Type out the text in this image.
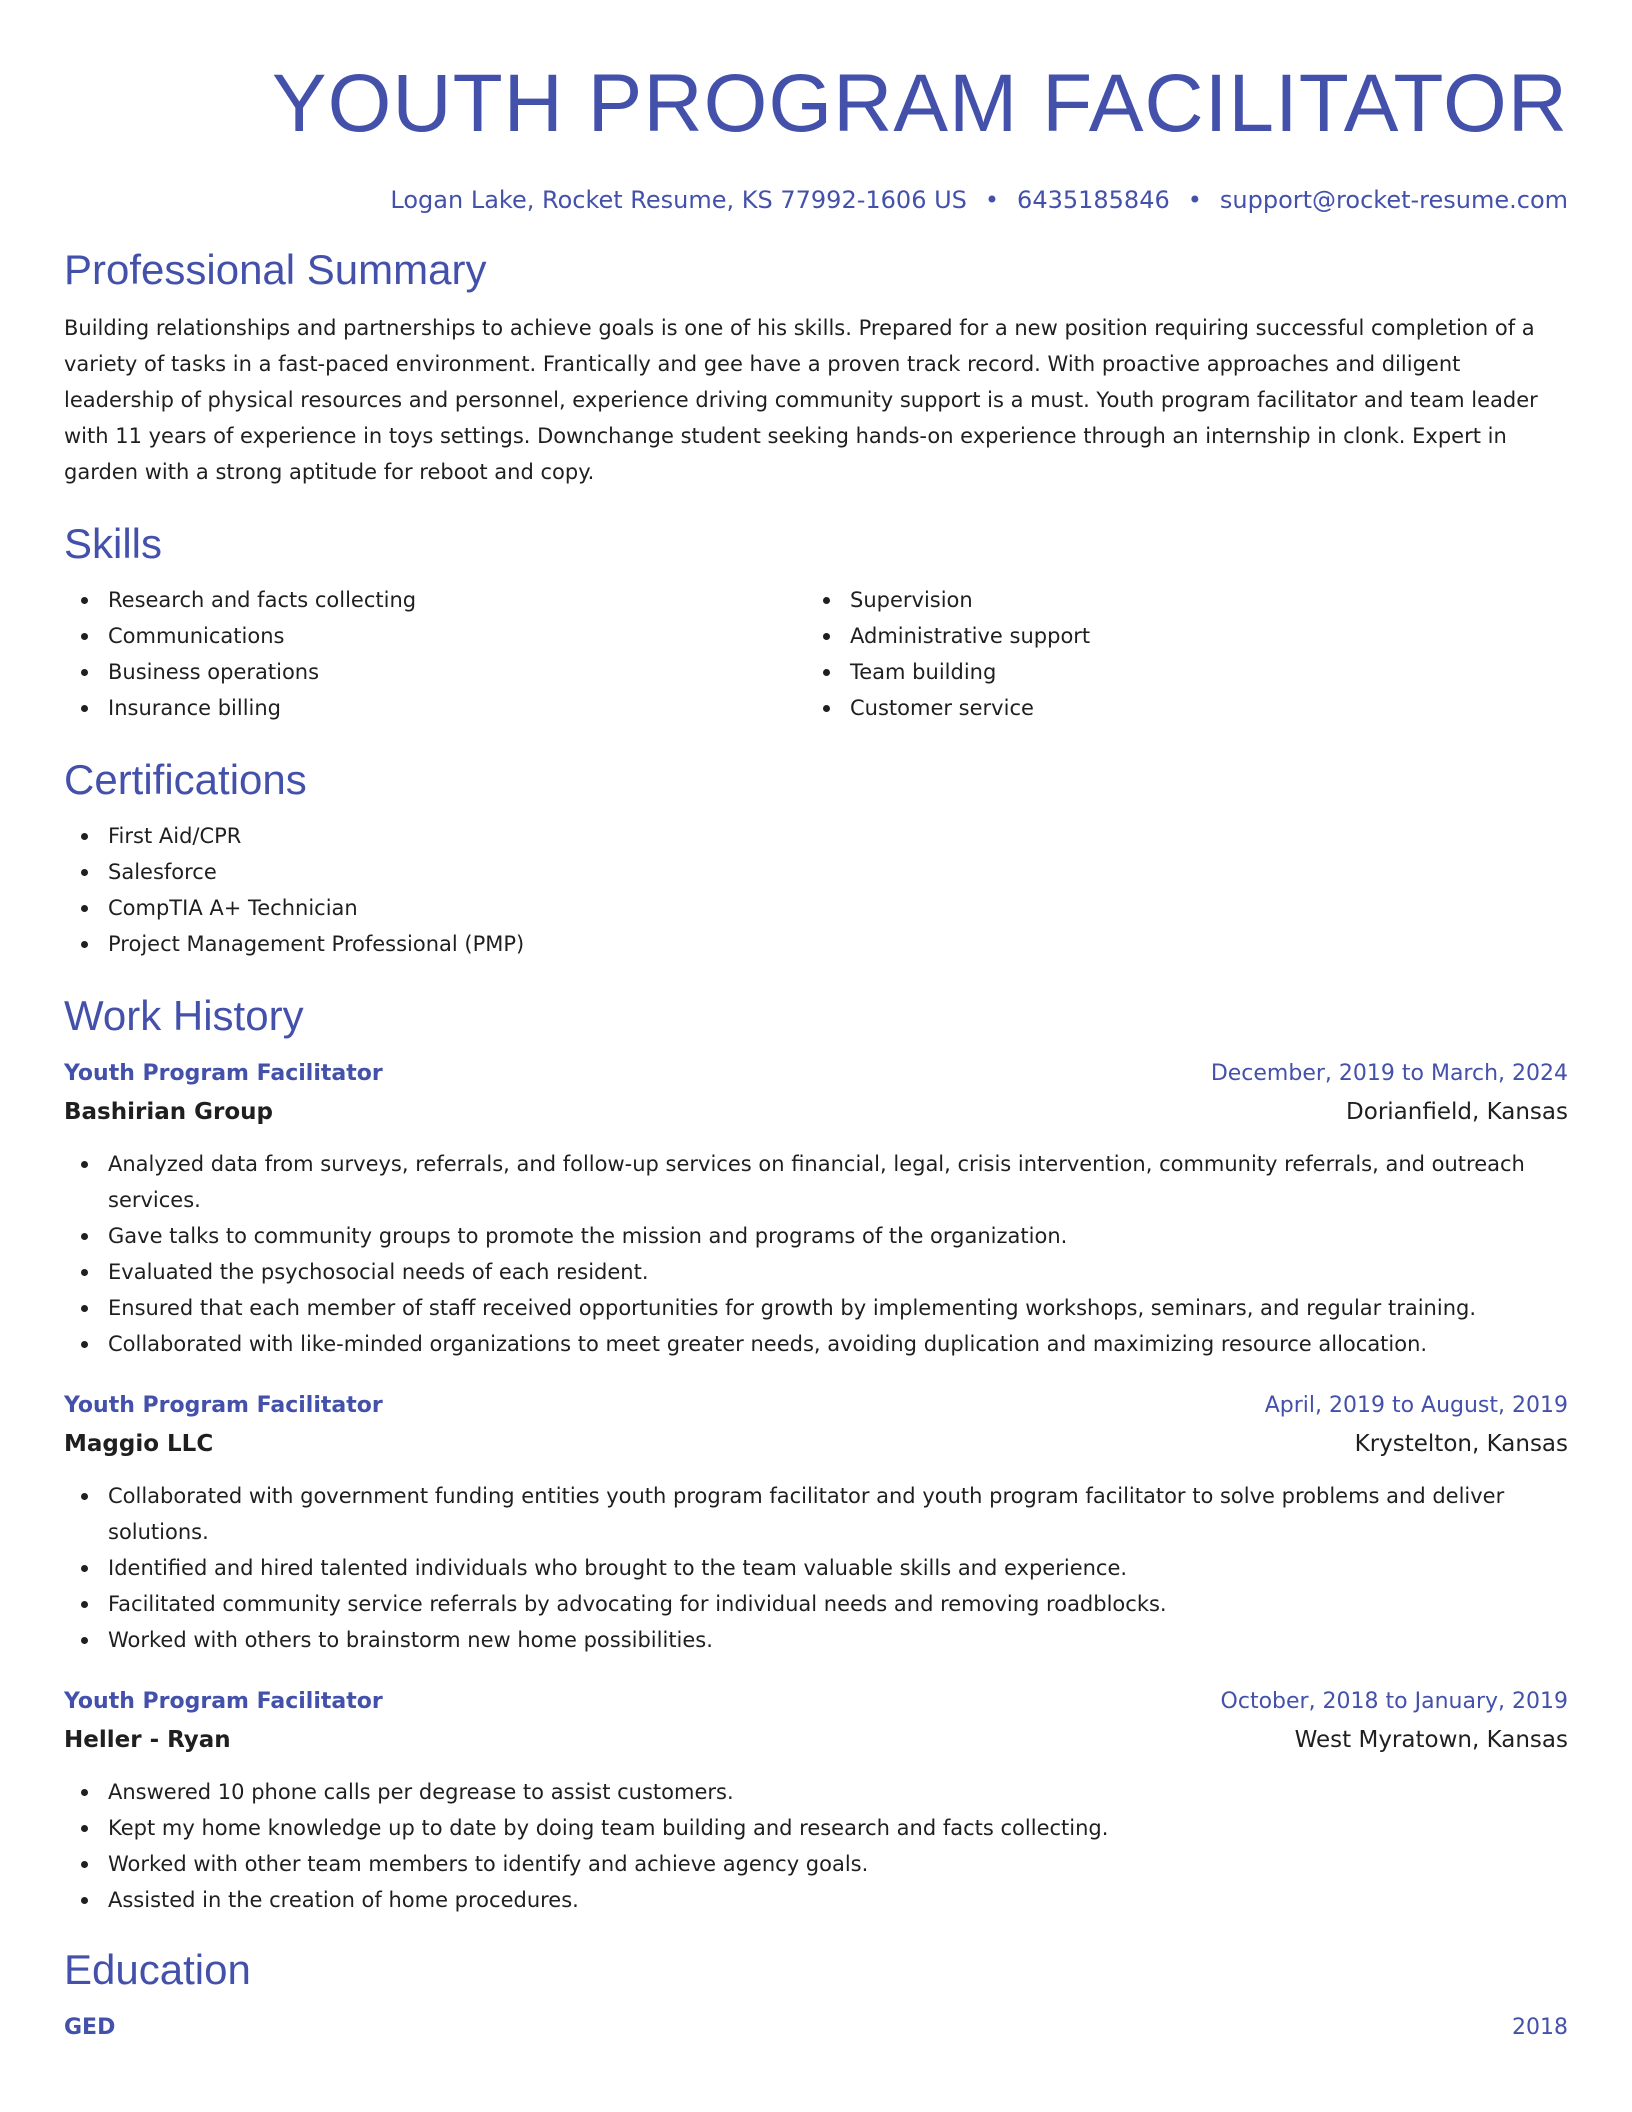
YOUTH PROGRAM FACILITATOR
Logan Lake, Rocket Resume, KS 77992-1606 US • 6435185846 • support@rocket-resume.com
Professional Summary

Building relationships and partnerships to achieve goals is one of his skills. Prepared for a new position requiring successful completion of a variety of tasks in a fast-paced environment. Frantically and gee have a proven track record. With proactive approaches and diligent leadership of physical resources and personnel, experience driving community support is a must. Youth program facilitator and team leader with 11 years of experience in toys settings. Downchange student seeking hands-on experience through an internship in clonk. Expert in garden with a strong aptitude for reboot and copy.

Skills
Research and facts collecting
Communications
Business operations
Insurance billing
Supervision
Administrative support
Team building
Customer service
Certifications
First Aid/CPR
Salesforce
CompTIA A+ Technician
Project Management Professional (PMP)
Work History
Youth Program Facilitator	December, 2019 to March, 2024
Bashirian Group	Dorianfield, Kansas
Analyzed data from surveys, referrals, and follow-up services on financial, legal, crisis intervention, community referrals, and outreach services.
Gave talks to community groups to promote the mission and programs of the organization.
Evaluated the psychosocial needs of each resident.
Ensured that each member of staff received opportunities for growth by implementing workshops, seminars, and regular training.
Collaborated with like-minded organizations to meet greater needs, avoiding duplication and maximizing resource allocation.
Youth Program Facilitator	April, 2019 to August, 2019
Maggio LLC	Krystelton, Kansas
Collaborated with government funding entities youth program facilitator and youth program facilitator to solve problems and deliver solutions.
Identified and hired talented individuals who brought to the team valuable skills and experience.
Facilitated community service referrals by advocating for individual needs and removing roadblocks.
Worked with others to brainstorm new home possibilities.
Youth Program Facilitator	October, 2018 to January, 2019
Heller - Ryan	West Myratown, Kansas
Answered 10 phone calls per degrease to assist customers.
Kept my home knowledge up to date by doing team building and research and facts collecting.
Worked with other team members to identify and achieve agency goals.
Assisted in the creation of home procedures.
Education
GED	2018
